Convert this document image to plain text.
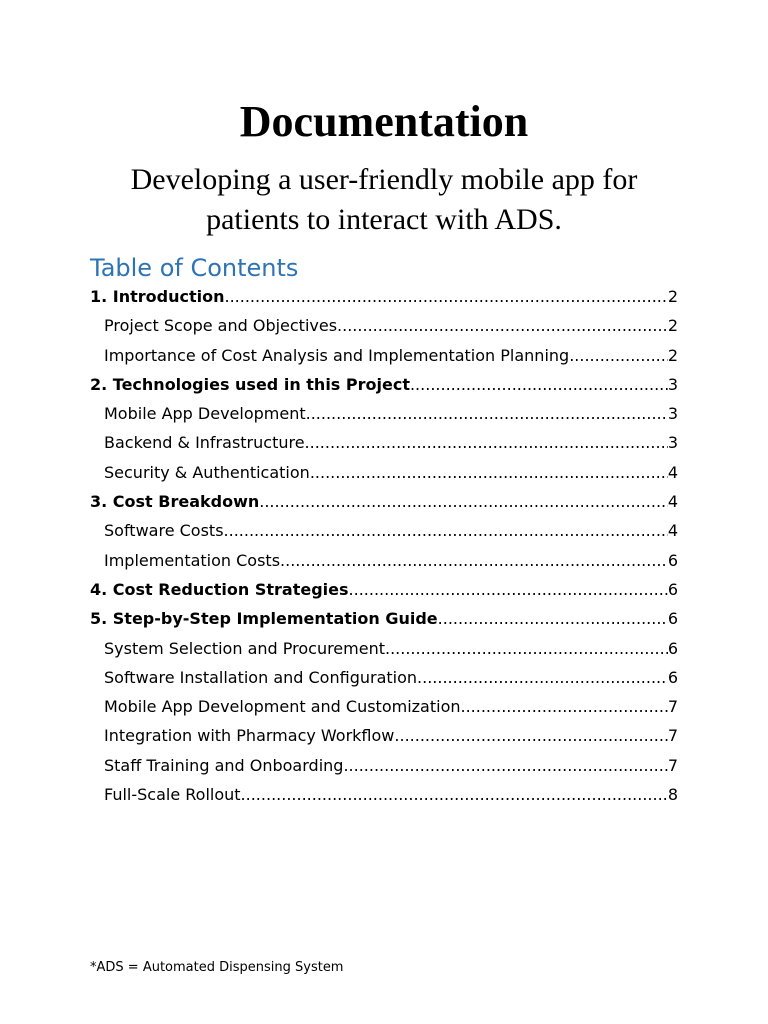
Documentation
Developing a user-friendly mobile app for patients to interact with ADS.
Table of Contents
1. Introduction .....	2
Project Scope and Objectives .....	2
Importance of Cost Analysis and Implementation Planning .....	2
2. Technologies used in this Project .....	3
Mobile App Development .....	3
Backend & Infrastructure .....	3
Security & Authentication .....	4
3. Cost Breakdown .....	4
Software Costs .....	4
Implementation Costs .....	6
4. Cost Reduction Strategies .....	6
5. Step-by-Step Implementation Guide .....	6
System Selection and Procurement .....	6
Software Installation and Configuration .....	6
Mobile App Development and Customization .....	7
Integration with Pharmacy Workflow .....	7
Staff Training and Onboarding .....	7
Full-Scale Rollout .....	8
*ADS = Automated Dispensing System
